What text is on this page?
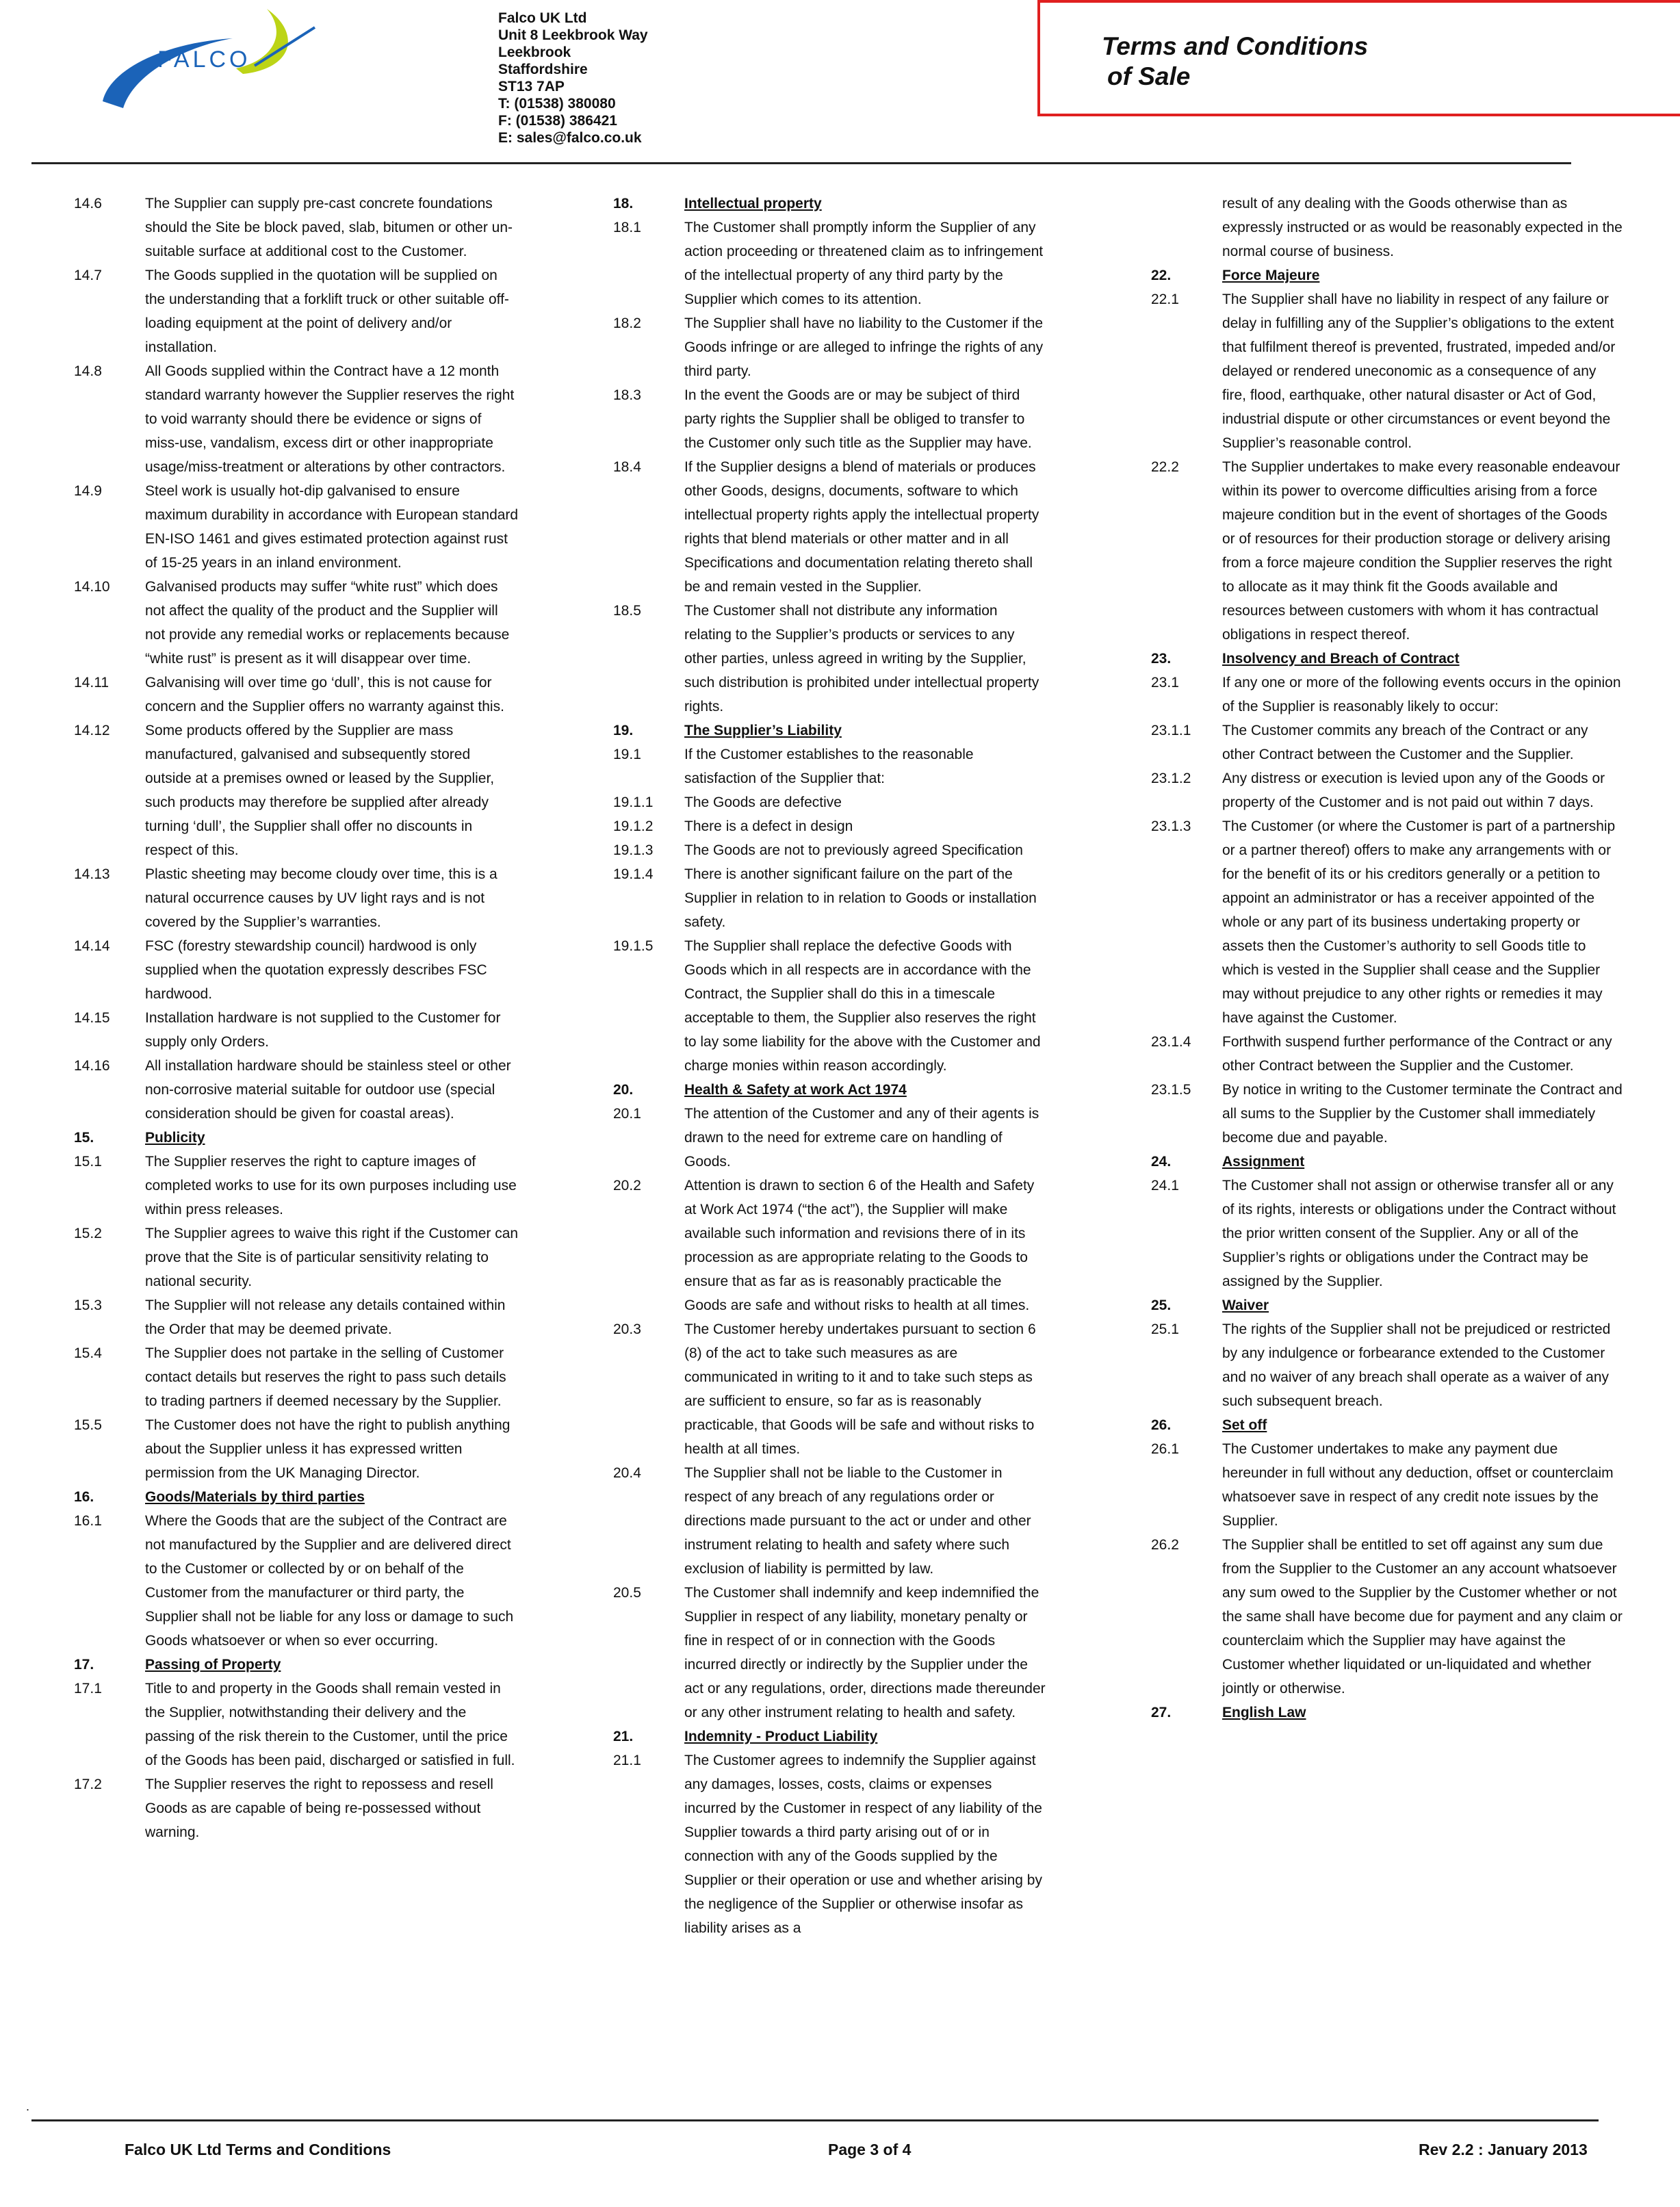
FALCO
Falco UK Ltd
Unit 8 Leekbrook Way
Leekbrook
Staffordshire
ST13 7AP
T: (01538) 380080
F: (01538) 386421
E: sales@falco.co.uk
Terms and Conditions
of Sale
14.6	The Supplier can supply pre-cast concrete foundations should the Site be block paved, slab, bitumen or other un-suitable surface at additional cost to the Customer.
14.7	The Goods supplied in the quotation will be supplied on the understanding that a forklift truck or other suitable off-loading equipment at the point of delivery and/or installation.
14.8	All Goods supplied within the Contract have a 12 month standard warranty however the Supplier reserves the right to void warranty should there be evidence or signs of miss-use, vandalism, excess dirt or other inappropriate usage/miss-treatment or alterations by other contractors.
14.9	Steel work is usually hot-dip galvanised to ensure maximum durability in accordance with European standard EN-ISO 1461 and gives estimated protection against rust of 15-25 years in an inland environment.
14.10	Galvanised products may suffer “white rust” which does not affect the quality of the product and the Supplier will not provide any remedial works or replacements because “white rust” is present as it will disappear over time.
14.11	Galvanising will over time go ‘dull’, this is not cause for concern and the Supplier offers no warranty against this.
14.12	Some products offered by the Supplier are mass manufactured, galvanised and subsequently stored outside at a premises owned or leased by the Supplier, such products may therefore be supplied after already turning ‘dull’, the Supplier shall offer no discounts in respect of this.
14.13	Plastic sheeting may become cloudy over time, this is a natural occurrence causes by UV light rays and is not covered by the Supplier’s warranties.
14.14	FSC (forestry stewardship council) hardwood is only supplied when the quotation expressly describes FSC hardwood.
14.15	Installation hardware is not supplied to the Customer for supply only Orders.
14.16	All installation hardware should be stainless steel or other non-corrosive material suitable for outdoor use (special consideration should be given for coastal areas).
15.	Publicity
15.1	The Supplier reserves the right to capture images of completed works to use for its own purposes including use within press releases.
15.2	The Supplier agrees to waive this right if the Customer can prove that the Site is of particular sensitivity relating to national security.
15.3	The Supplier will not release any details contained within the Order that may be deemed private.
15.4	The Supplier does not partake in the selling of Customer contact details but reserves the right to pass such details to trading partners if deemed necessary by the Supplier.
15.5	The Customer does not have the right to publish anything about the Supplier unless it has expressed written permission from the UK Managing Director.
16.	Goods/Materials by third parties
16.1	Where the Goods that are the subject of the Contract are not manufactured by the Supplier and are delivered direct to the Customer or collected by or on behalf of the Customer from the manufacturer or third party, the Supplier shall not be liable for any loss or damage to such Goods whatsoever or when so ever occurring.
17.	Passing of Property
17.1	Title to and property in the Goods shall remain vested in the Supplier, notwithstanding their delivery and the passing of the risk therein to the Customer, until the price of the Goods has been paid, discharged or satisfied in full.
17.2	The Supplier reserves the right to repossess and resell Goods as are capable of being re-possessed without warning.
18.	Intellectual property
18.1	The Customer shall promptly inform the Supplier of any action proceeding or threatened claim as to infringement of the intellectual property of any third party by the Supplier which comes to its attention.
18.2	The Supplier shall have no liability to the Customer if the Goods infringe or are alleged to infringe the rights of any third party.
18.3	In the event the Goods are or may be subject of third party rights the Supplier shall be obliged to transfer to the Customer only such title as the Supplier may have.
18.4	If the Supplier designs a blend of materials or produces other Goods, designs, documents, software to which intellectual property rights apply the intellectual property rights that blend materials or other matter and in all Specifications and documentation relating thereto shall be and remain vested in the Supplier.
18.5	The Customer shall not distribute any information relating to the Supplier’s products or services to any other parties, unless agreed in writing by the Supplier, such distribution is prohibited under intellectual property rights.
19.	The Supplier’s Liability
19.1	If the Customer establishes to the reasonable satisfaction of the Supplier that:
19.1.1	The Goods are defective
19.1.2	There is a defect in design
19.1.3	The Goods are not to previously agreed Specification
19.1.4	There is another significant failure on the part of the Supplier in relation to in relation to Goods or installation safety.
19.1.5	The Supplier shall replace the defective Goods with Goods which in all respects are in accordance with the Contract, the Supplier shall do this in a timescale acceptable to them, the Supplier also reserves the right to lay some liability for the above with the Customer and charge monies within reason accordingly.
20.	Health & Safety at work Act 1974
20.1	The attention of the Customer and any of their agents is drawn to the need for extreme care on handling of Goods.
20.2	Attention is drawn to section 6 of the Health and Safety at Work Act 1974 (“the act”), the Supplier will make available such information and revisions there of in its procession as are appropriate relating to the Goods to ensure that as far as is reasonably practicable the Goods are safe and without risks to health at all times.
20.3	The Customer hereby undertakes pursuant to section 6 (8) of the act to take such measures as are communicated in writing to it and to take such steps as are sufficient to ensure, so far as is reasonably practicable, that Goods will be safe and without risks to health at all times.
20.4	The Supplier shall not be liable to the Customer in respect of any breach of any regulations order or directions made pursuant to the act or under and other instrument relating to health and safety where such exclusion of liability is permitted by law.
20.5	The Customer shall indemnify and keep indemnified the Supplier in respect of any liability, monetary penalty or fine in respect of or in connection with the Goods incurred directly or indirectly by the Supplier under the act or any regulations, order, directions made thereunder or any other instrument relating to health and safety.
21.	Indemnity - Product Liability
21.1	The Customer agrees to indemnify the Supplier against any damages, losses, costs, claims or expenses incurred by the Customer in respect of any liability of the Supplier towards a third party arising out of or in connection with any of the Goods supplied by the Supplier or their operation or use and whether arising by the negligence of the Supplier or otherwise insofar as liability arises as a
result of any dealing with the Goods otherwise than as expressly instructed or as would be reasonably expected in the normal course of business.
22.	Force Majeure
22.1	The Supplier shall have no liability in respect of any failure or delay in fulfilling any of the Supplier’s obligations to the extent that fulfilment thereof is prevented, frustrated, impeded and/or delayed or rendered uneconomic as a consequence of any fire, flood, earthquake, other natural disaster or Act of God, industrial dispute or other circumstances or event beyond the Supplier’s reasonable control.
22.2	The Supplier undertakes to make every reasonable endeavour within its power to overcome difficulties arising from a force majeure condition but in the event of shortages of the Goods or of resources for their production storage or delivery arising from a force majeure condition the Supplier reserves the right to allocate as it may think fit the Goods available and resources between customers with whom it has contractual obligations in respect thereof.
23.	Insolvency and Breach of Contract
23.1	If any one or more of the following events occurs in the opinion of the Supplier is reasonably likely to occur:
23.1.1	The Customer commits any breach of the Contract or any other Contract between the Customer and the Supplier.
23.1.2	Any distress or execution is levied upon any of the Goods or property of the Customer and is not paid out within 7 days.
23.1.3	The Customer (or where the Customer is part of a partnership or a partner thereof) offers to make any arrangements with or for the benefit of its or his creditors generally or a petition to appoint an administrator or has a receiver appointed of the whole or any part of its business undertaking property or assets then the Customer’s authority to sell Goods title to which is vested in the Supplier shall cease and the Supplier may without prejudice to any other rights or remedies it may have against the Customer.
23.1.4	Forthwith suspend further performance of the Contract or any other Contract between the Supplier and the Customer.
23.1.5	By notice in writing to the Customer terminate the Contract and all sums to the Supplier by the Customer shall immediately become due and payable.
24.	Assignment
24.1	The Customer shall not assign or otherwise transfer all or any of its rights, interests or obligations under the Contract without the prior written consent of the Supplier. Any or all of the Supplier’s rights or obligations under the Contract may be assigned by the Supplier.
25.	Waiver
25.1	The rights of the Supplier shall not be prejudiced or restricted by any indulgence or forbearance extended to the Customer and no waiver of any breach shall operate as a waiver of any such subsequent breach.
26.	Set off
26.1	The Customer undertakes to make any payment due hereunder in full without any deduction, offset or counterclaim whatsoever save in respect of any credit note issues by the Supplier.
26.2	The Supplier shall be entitled to set off against any sum due from the Supplier to the Customer an any account whatsoever any sum owed to the Supplier by the Customer whether or not the same shall have become due for payment and any claim or counterclaim which the Supplier may have against the Customer whether liquidated or un-liquidated and whether jointly or otherwise.
27.	English Law
.
Falco UK Ltd Terms and Conditions	Page 3 of 4	Rev 2.2 : January 2013
